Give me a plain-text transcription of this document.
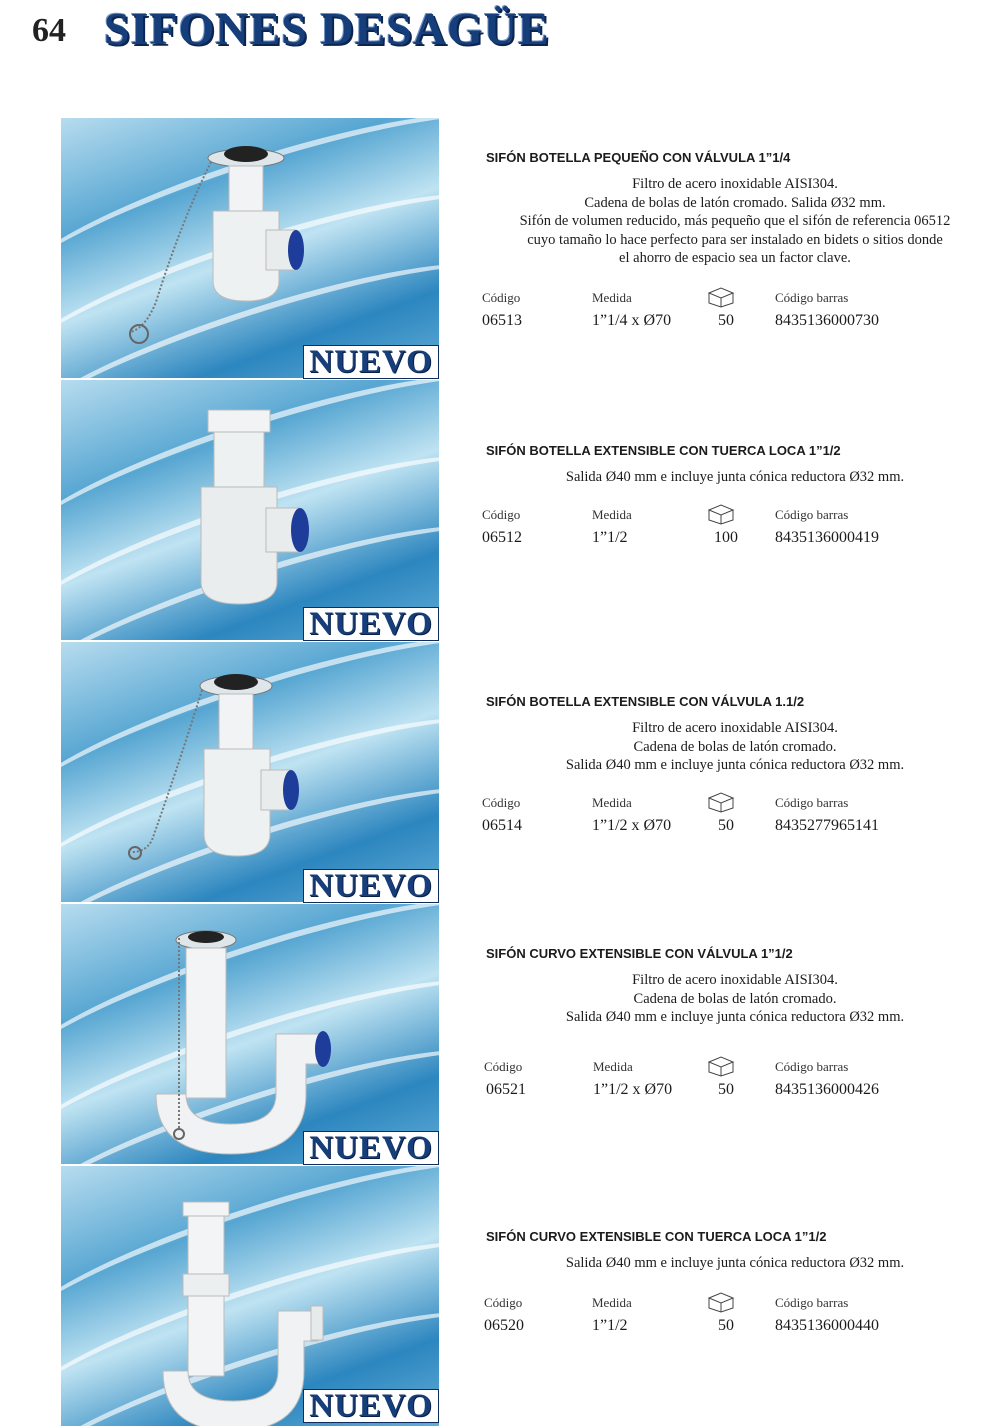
64 SIFONES DESAGÜE
NUEVO
SIFÓN BOTELLA PEQUEÑO CON VÁLVULA 1”1/4
Filtro de acero inoxidable AISI304.
Cadena de bolas de latón cromado. Salida Ø32 mm.
Sifón de volumen reducido, más pequeño que el sifón de referencia 06512
cuyo tamaño lo hace perfecto para ser instalado en bidets o sitios donde
el ahorro de espacio sea un factor clave.
Código	Medida	Código barras
06513	1”1/4 x Ø70	50	8435136000730
NUEVO
SIFÓN BOTELLA EXTENSIBLE CON TUERCA LOCA 1”1/2
Salida Ø40 mm e incluye junta cónica reductora Ø32 mm.
Código	Medida	Código barras
06512	1”1/2	100 8435136000419
NUEVO
SIFÓN BOTELLA EXTENSIBLE CON VÁLVULA 1.1/2
Filtro de acero inoxidable AISI304.
Cadena de bolas de latón cromado.
Salida Ø40 mm e incluye junta cónica reductora Ø32 mm.
Código	Medida	Código barras
06514	1”1/2 x Ø70	50	8435277965141
NUEVO
SIFÓN CURVO EXTENSIBLE CON VÁLVULA 1”1/2
Filtro de acero inoxidable AISI304.
Cadena de bolas de latón cromado.
Salida Ø40 mm e incluye junta cónica reductora Ø32 mm.
Código	Medida	Código barras
06521	1”1/2 x Ø70	50	8435136000426
NUEVO
SIFÓN CURVO EXTENSIBLE CON TUERCA LOCA 1”1/2
Salida Ø40 mm e incluye junta cónica reductora Ø32 mm.
Código	Medida	Código barras
06520	1”1/2	50	8435136000440
